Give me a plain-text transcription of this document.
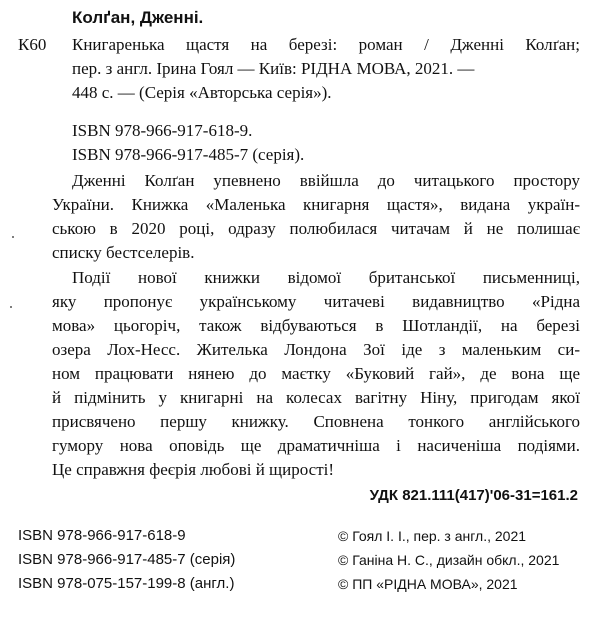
Колґан, Дженні.
К60 Книгаренька щастя на березі: роман / Дженні Колґан;
пер. з англ. Ірина Гоял — Київ: РІДНА МОВА, 2021. —
448 с. — (Серія «Авторська серія»).
ISBN 978-966-917-618-9.
ISBN 978-966-917-485-7 (серія).
Дженні Колґан упевнено ввійшла до читацького простору
України. Книжка «Маленька книгарня щастя», видана україн-
ською в 2020 році, одразу полюбилася читачам й не полишає
списку бестселерів.
Події нової книжки відомої британської письменниці,
яку пропонує українському читачеві видавництво «Рідна
мова» цьогоріч, також відбуваються в Шотландії, на березі
озера Лох-Несс. Жителька Лондона Зої іде з маленьким си-
ном працювати нянею до маєтку «Буковий гай», де вона ще
й підмінить у книгарні на колесах вагітну Ніну, пригодам якої
присвячено першу книжку. Сповнена тонкого англійського
гумору нова оповідь ще драматичніша і насиченіша подіями.
Це справжня феєрія любові й щирості!
УДК 821.111(417)'06-31=161.2
ISBN 978-966-917-618-9
ISBN 978-966-917-485-7 (серія)
ISBN 978-075-157-199-8 (англ.)
© Гоял І. І., пер. з англ., 2021
© Ганіна Н. С., дизайн обкл., 2021
© ПП «РІДНА МОВА», 2021
